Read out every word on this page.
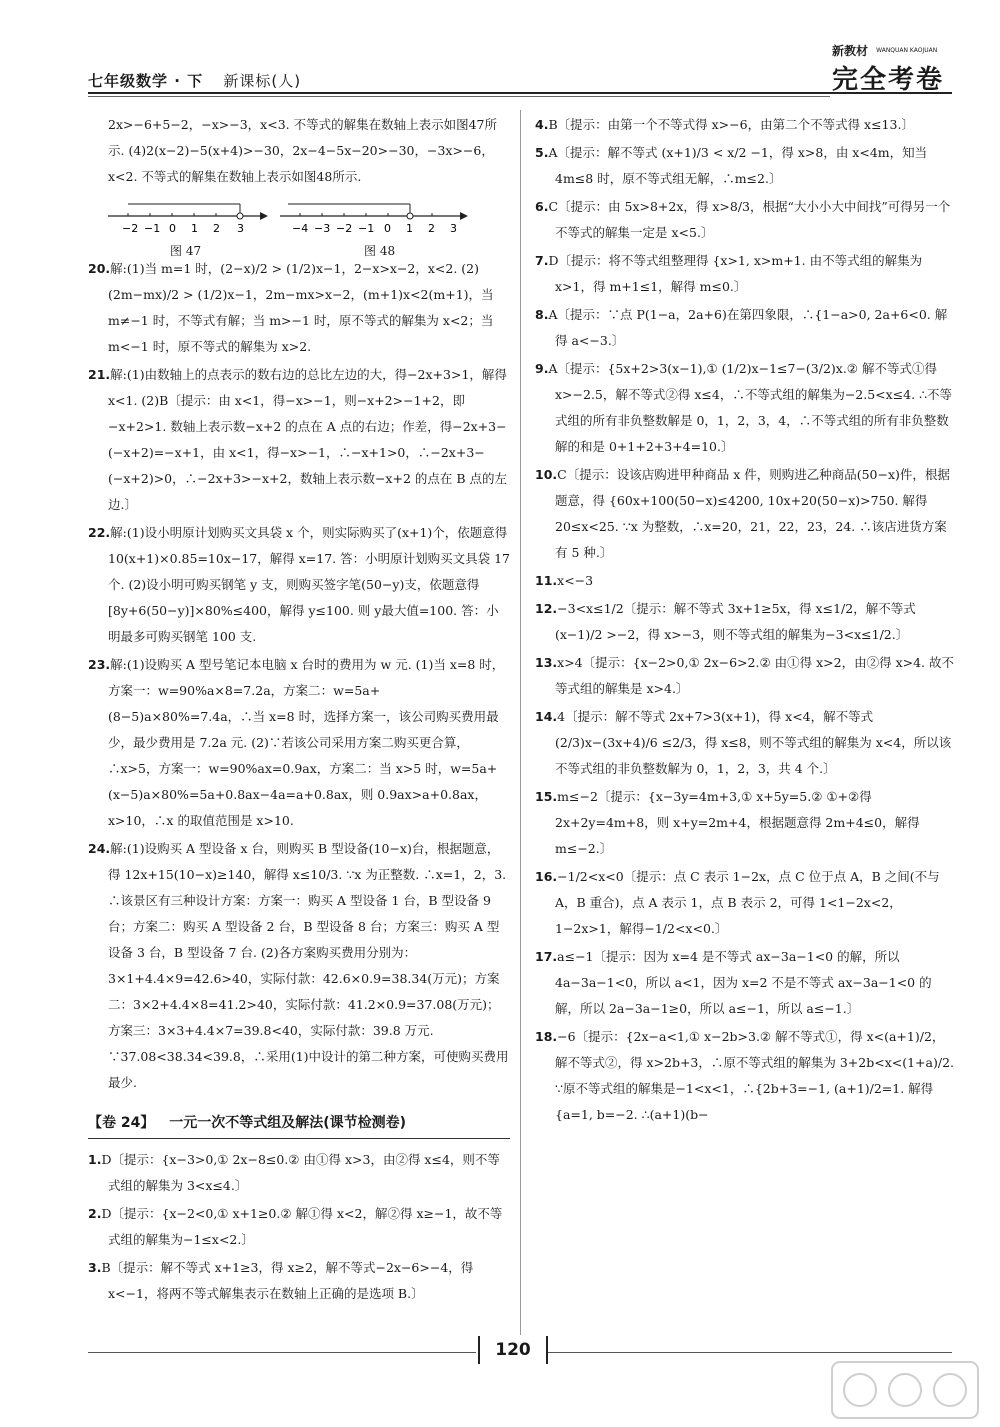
七年级数学 · 下 新课标(人)
新教材 WANQUAN KAOJUAN
完全考卷

2x>−6+5−2，−x>−3，x<3. 不等式的解集在数轴上表示如图47所示. (4)2(x−2)−5(x+4)>−30，2x−4−5x−20>−30，−3x>−6，x<2. 不等式的解集在数轴上表示如图48所示.

−2 −1 0 1 2 3	−4 −3 −2 −1 0 1 2 3
图 47	图 48

20.解:(1)当 m=1 时，(2−x)/2 > (1/2)x−1，2−x>x−2，x<2. (2)(2m−mx)/2 > (1/2)x−1，2m−mx>x−2，(m+1)x<2(m+1)，当 m≠−1 时，不等式有解；当 m>−1 时，原不等式的解集为 x<2；当 m<−1 时，原不等式的解集为 x>2.

21.解:(1)由数轴上的点表示的数右边的总比左边的大，得−2x+3>1，解得 x<1. (2)B〔提示：由 x<1，得−x>−1，则−x+2>−1+2，即−x+2>1. 数轴上表示数−x+2 的点在 A 点的右边；作差，得−2x+3−(−x+2)=−x+1，由 x<1，得−x>−1，∴−x+1>0，∴−2x+3−(−x+2)>0，∴−2x+3>−x+2，数轴上表示数−x+2 的点在 B 点的左边.〕

22.解:(1)设小明原计划购买文具袋 x 个，则实际购买了(x+1)个，依题意得 10(x+1)×0.85=10x−17，解得 x=17. 答：小明原计划购买文具袋 17 个. (2)设小明可购买钢笔 y 支，则购买签字笔(50−y)支，依题意得[8y+6(50−y)]×80%≤400，解得 y≤100. 则 y最大值=100. 答：小明最多可购买钢笔 100 支.

23.解:(1)设购买 A 型号笔记本电脑 x 台时的费用为 w 元. (1)当 x=8 时，方案一：w=90%a×8=7.2a，方案二：w=5a+(8−5)a×80%=7.4a，∴当 x=8 时，选择方案一，该公司购买费用最少，最少费用是 7.2a 元. (2)∵若该公司采用方案二购买更合算，∴x>5，方案一：w=90%ax=0.9ax，方案二：当 x>5 时，w=5a+(x−5)a×80%=5a+0.8ax−4a=a+0.8ax，则 0.9ax>a+0.8ax，x>10，∴x 的取值范围是 x>10.

24.解:(1)设购买 A 型设备 x 台，则购买 B 型设备(10−x)台，根据题意，得 12x+15(10−x)≥140，解得 x≤10/3. ∵x 为正整数. ∴x=1，2，3. ∴该景区有三种设计方案：方案一：购买 A 型设备 1 台，B 型设备 9 台；方案二：购买 A 型设备 2 台，B 型设备 8 台；方案三：购买 A 型设备 3 台，B 型设备 7 台. (2)各方案购买费用分别为：3×1+4.4×9=42.6>40，实际付款：42.6×0.9=38.34(万元)；方案二：3×2+4.4×8=41.2>40，实际付款：41.2×0.9=37.08(万元)；方案三：3×3+4.4×7=39.8<40，实际付款：39.8 万元. ∵37.08<38.34<39.8，∴采用(1)中设计的第二种方案，可使购买费用最少.

【卷 24】 一元一次不等式组及解法(课节检测卷)

1.D〔提示：{x−3>0,① 2x−8≤0.② 由①得 x>3，由②得 x≤4，则不等式组的解集为 3<x≤4.〕

2.D〔提示：{x−2<0,① x+1≥0.② 解①得 x<2，解②得 x≥−1，故不等式组的解集为−1≤x<2.〕

3.B〔提示：解不等式 x+1≥3，得 x≥2，解不等式−2x−6>−4，得 x<−1，将两不等式解集表示在数轴上正确的是选项 B.〕

4.B〔提示：由第一个不等式得 x>−6，由第二个不等式得 x≤13.〕

5.A〔提示：解不等式 (x+1)/3 < x/2 −1，得 x>8，由 x<4m，知当 4m≤8 时，原不等式组无解，∴m≤2.〕

6.C〔提示：由 5x>8+2x，得 x>8/3，根据“大小小大中间找”可得另一个不等式的解集一定是 x<5.〕

7.D〔提示：将不等式组整理得 {x>1, x>m+1. 由不等式组的解集为 x>1，得 m+1≤1，解得 m≤0.〕

8.A〔提示：∵点 P(1−a，2a+6)在第四象限，∴{1−a>0, 2a+6<0. 解得 a<−3.〕

9.A〔提示：{5x+2>3(x−1),① (1/2)x−1≤7−(3/2)x.② 解不等式①得 x>−2.5，解不等式②得 x≤4，∴不等式组的解集为−2.5<x≤4. ∴不等式组的所有非负整数解是 0，1，2，3，4，∴不等式组的所有非负整数解的和是 0+1+2+3+4=10.〕

10.C〔提示：设该店购进甲种商品 x 件，则购进乙种商品(50−x)件，根据题意，得 {60x+100(50−x)≤4200, 10x+20(50−x)>750. 解得 20≤x<25. ∵x 为整数，∴x=20，21，22，23，24. ∴该店进货方案有 5 种.〕

11.x<−3

12.−3<x≤1/2〔提示：解不等式 3x+1≥5x，得 x≤1/2，解不等式 (x−1)/2 >−2，得 x>−3，则不等式组的解集为−3<x≤1/2.〕

13.x>4〔提示：{x−2>0,① 2x−6>2.② 由①得 x>2，由②得 x>4. 故不等式组的解集是 x>4.〕

14.4〔提示：解不等式 2x+7>3(x+1)，得 x<4，解不等式 (2/3)x−(3x+4)/6 ≤2/3，得 x≤8，则不等式组的解集为 x<4，所以该不等式组的非负整数解为 0，1，2，3，共 4 个.〕

15.m≤−2〔提示：{x−3y=4m+3,① x+5y=5.② ①+②得 2x+2y=4m+8，则 x+y=2m+4，根据题意得 2m+4≤0，解得 m≤−2.〕

16.−1/2<x<0〔提示：点 C 表示 1−2x，点 C 位于点 A，B 之间(不与 A，B 重合)，点 A 表示 1，点 B 表示 2，可得 1<1−2x<2，1−2x>1，解得−1/2<x<0.〕

17.a≤−1〔提示：因为 x=4 是不等式 ax−3a−1<0 的解，所以 4a−3a−1<0，所以 a<1，因为 x=2 不是不等式 ax−3a−1<0 的解，所以 2a−3a−1≥0，所以 a≤−1，所以 a≤−1.〕

18.−6〔提示：{2x−a<1,① x−2b>3.② 解不等式①，得 x<(a+1)/2，解不等式②，得 x>2b+3，∴原不等式组的解集为 3+2b<x<(1+a)/2. ∵原不等式组的解集是−1<x<1，∴{2b+3=−1, (a+1)/2=1. 解得 {a=1, b=−2. ∴(a+1)(b−

120
